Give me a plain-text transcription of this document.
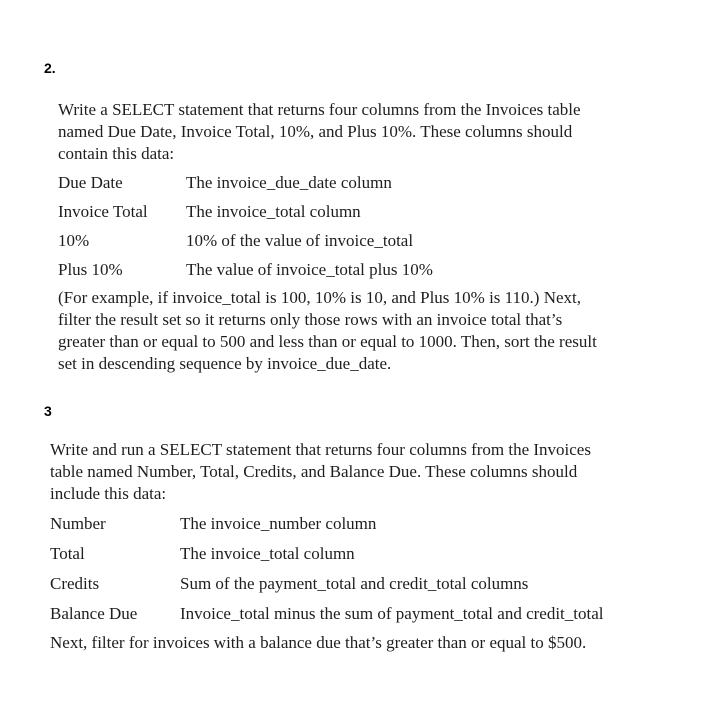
2.

Write a SELECT statement that returns four columns from the Invoices table

named Due Date, Invoice Total, 10%, and Plus 10%. These columns should

contain this data:

Due Date	The invoice_due_date column
Invoice Total	The invoice_total column
10%	10% of the value of invoice_total
Plus 10%	The value of invoice_total plus 10%

(For example, if invoice_total is 100, 10% is 10, and Plus 10% is 110.) Next,

filter the result set so it returns only those rows with an invoice total that’s

greater than or equal to 500 and less than or equal to 1000. Then, sort the result

set in descending sequence by invoice_due_date.

3

Write and run a SELECT statement that returns four columns from the Invoices

table named Number, Total, Credits, and Balance Due. These columns should

include this data:

Number	The invoice_number column
Total	The invoice_total column
Credits	Sum of the payment_total and credit_total columns
Balance Due	Invoice_total minus the sum of payment_total and credit_total

Next, filter for invoices with a balance due that’s greater than or equal to $500.
